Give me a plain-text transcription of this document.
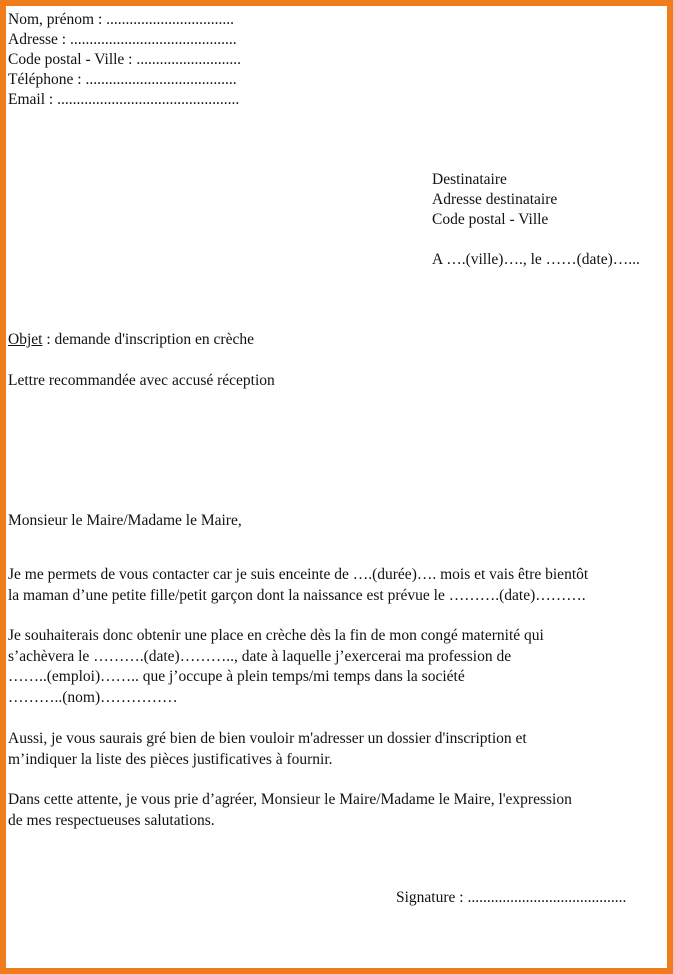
Nom, prénom : .................................
Adresse : ...........................................
Code postal - Ville : ...........................
Téléphone : .......................................
Email : ...............................................
Destinataire
Adresse destinataire
Code postal - Ville
A ….(ville)…., le ……(date)…...
Objet : demande d'inscription en crèche
Lettre recommandée avec accusé réception
Monsieur le Maire/Madame le Maire,
Je me permets de vous contacter car je suis enceinte de ….(durée)…. mois et vais être bientôt
la maman d’une petite fille/petit garçon dont la naissance est prévue le ……….(date)……….
Je souhaiterais donc obtenir une place en crèche dès la fin de mon congé maternité qui
s’achèvera le ……….(date)……….., date à laquelle j’exercerai ma profession de
……..(emploi)…….. que j’occupe à plein temps/mi temps dans la société
………..(nom)……………
Aussi, je vous saurais gré bien de bien vouloir m'adresser un dossier d'inscription et
m’indiquer la liste des pièces justificatives à fournir.
Dans cette attente, je vous prie d’agréer, Monsieur le Maire/Madame le Maire, l'expression
de mes respectueuses salutations.
Signature : .........................................
